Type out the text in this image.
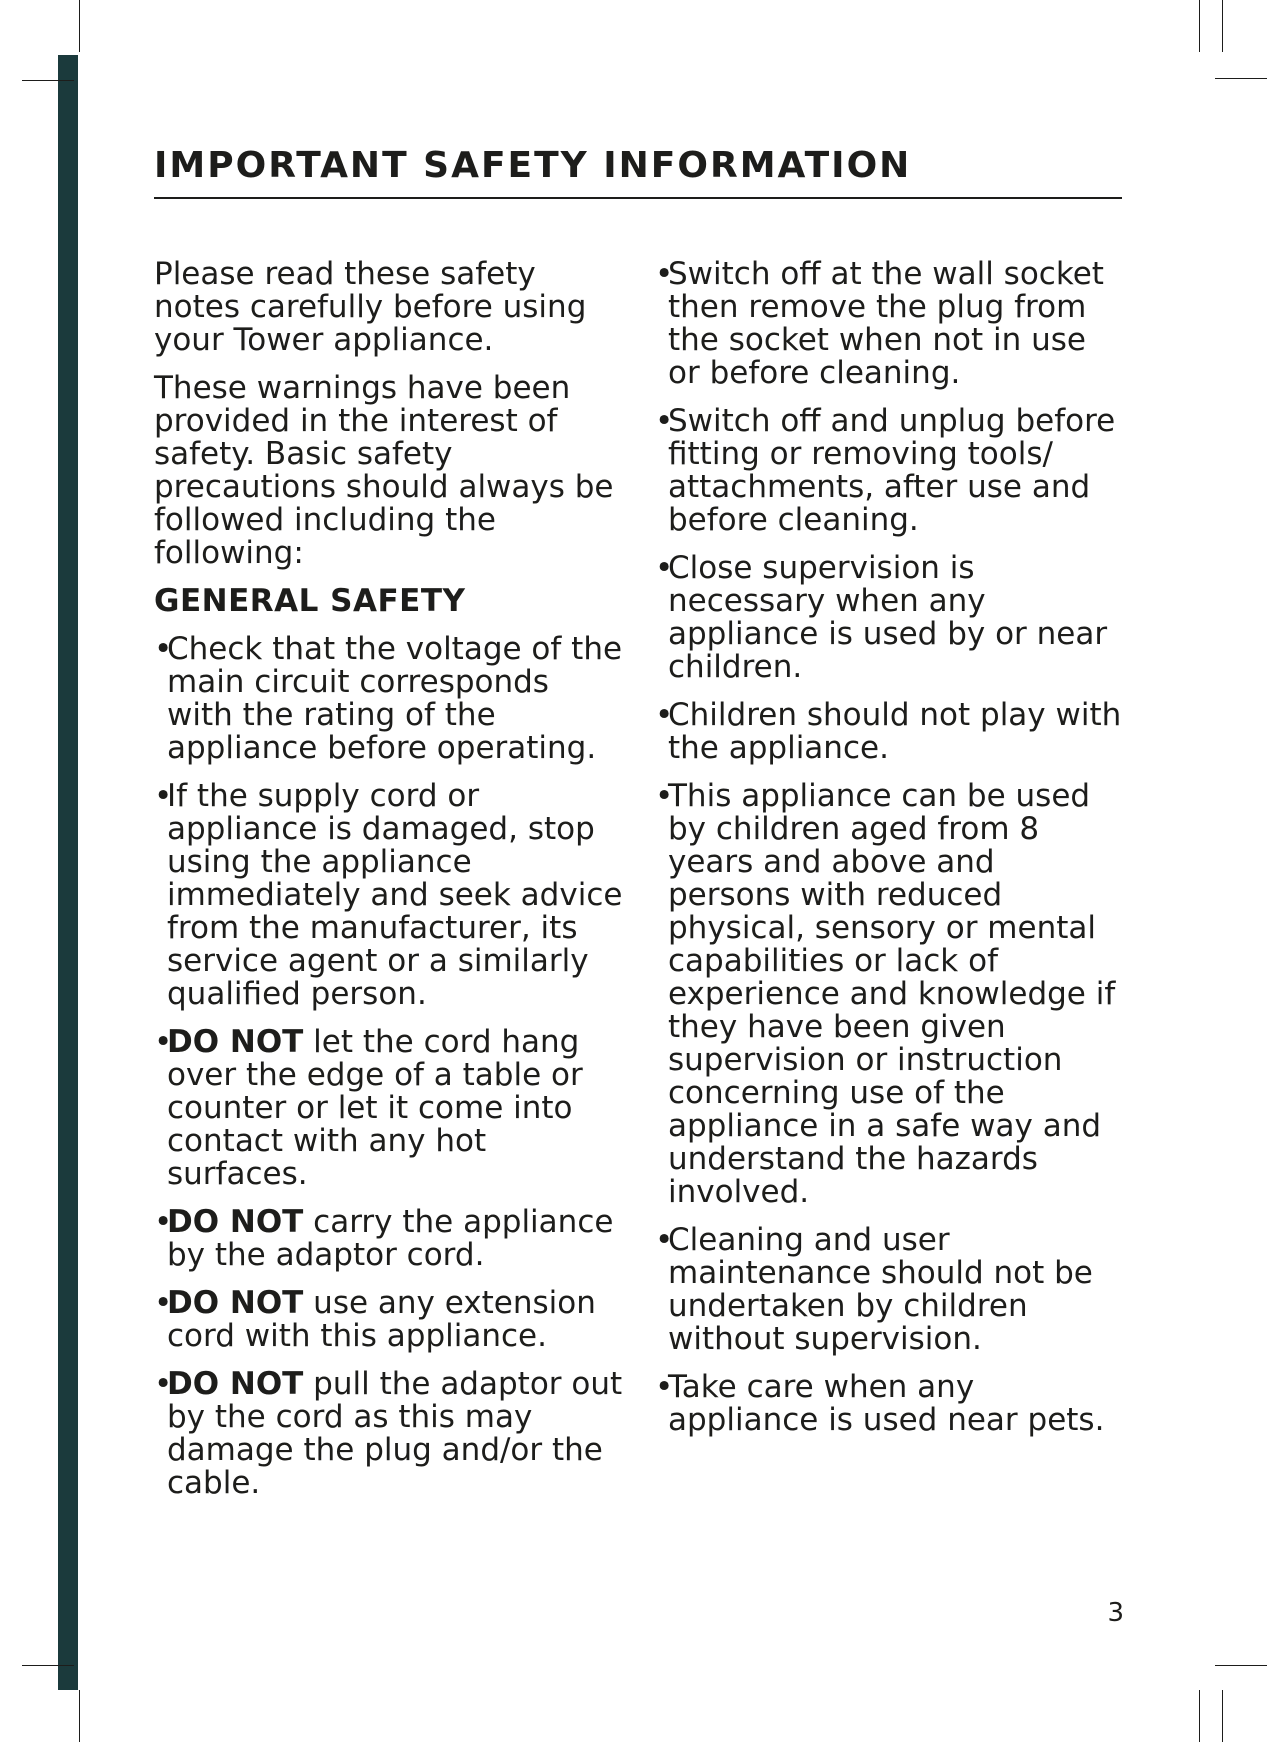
IMPORTANT SAFETY INFORMATION

Please read these safety notes carefully before using your Tower appliance.

These warnings have been provided in the interest of safety. Basic safety precautions should always be followed including the following:

GENERAL SAFETY
•
Check that the voltage of the main circuit corresponds with the rating of the appliance before operating.
•
If the supply cord or appliance is damaged, stop using the appliance immediately and seek advice from the manufacturer, its service agent or a similarly qualified person.
•
DO NOT let the cord hang over the edge of a table or counter or let it come into contact with any hot surfaces.
•
DO NOT carry the appliance by the adaptor cord.
•
DO NOT use any extension cord with this appliance.
•
DO NOT pull the adaptor out by the cord as this may damage the plug and/or the cable.
•
Switch off at the wall socket then remove the plug from the socket when not in use or before cleaning.
•
Switch off and unplug before fitting or removing tools/ attachments, after use and before cleaning.
•
Close supervision is necessary when any appliance is used by or near children.
•
Children should not play with the appliance.
•
This appliance can be used by children aged from 8 years and above and persons with reduced physical, sensory or mental capabilities or lack of experience and knowledge if they have been given supervision or instruction concerning use of the appliance in a safe way and understand the hazards involved.
•
Cleaning and user maintenance should not be undertaken by children without supervision.
•
Take care when any appliance is used near pets.
3
